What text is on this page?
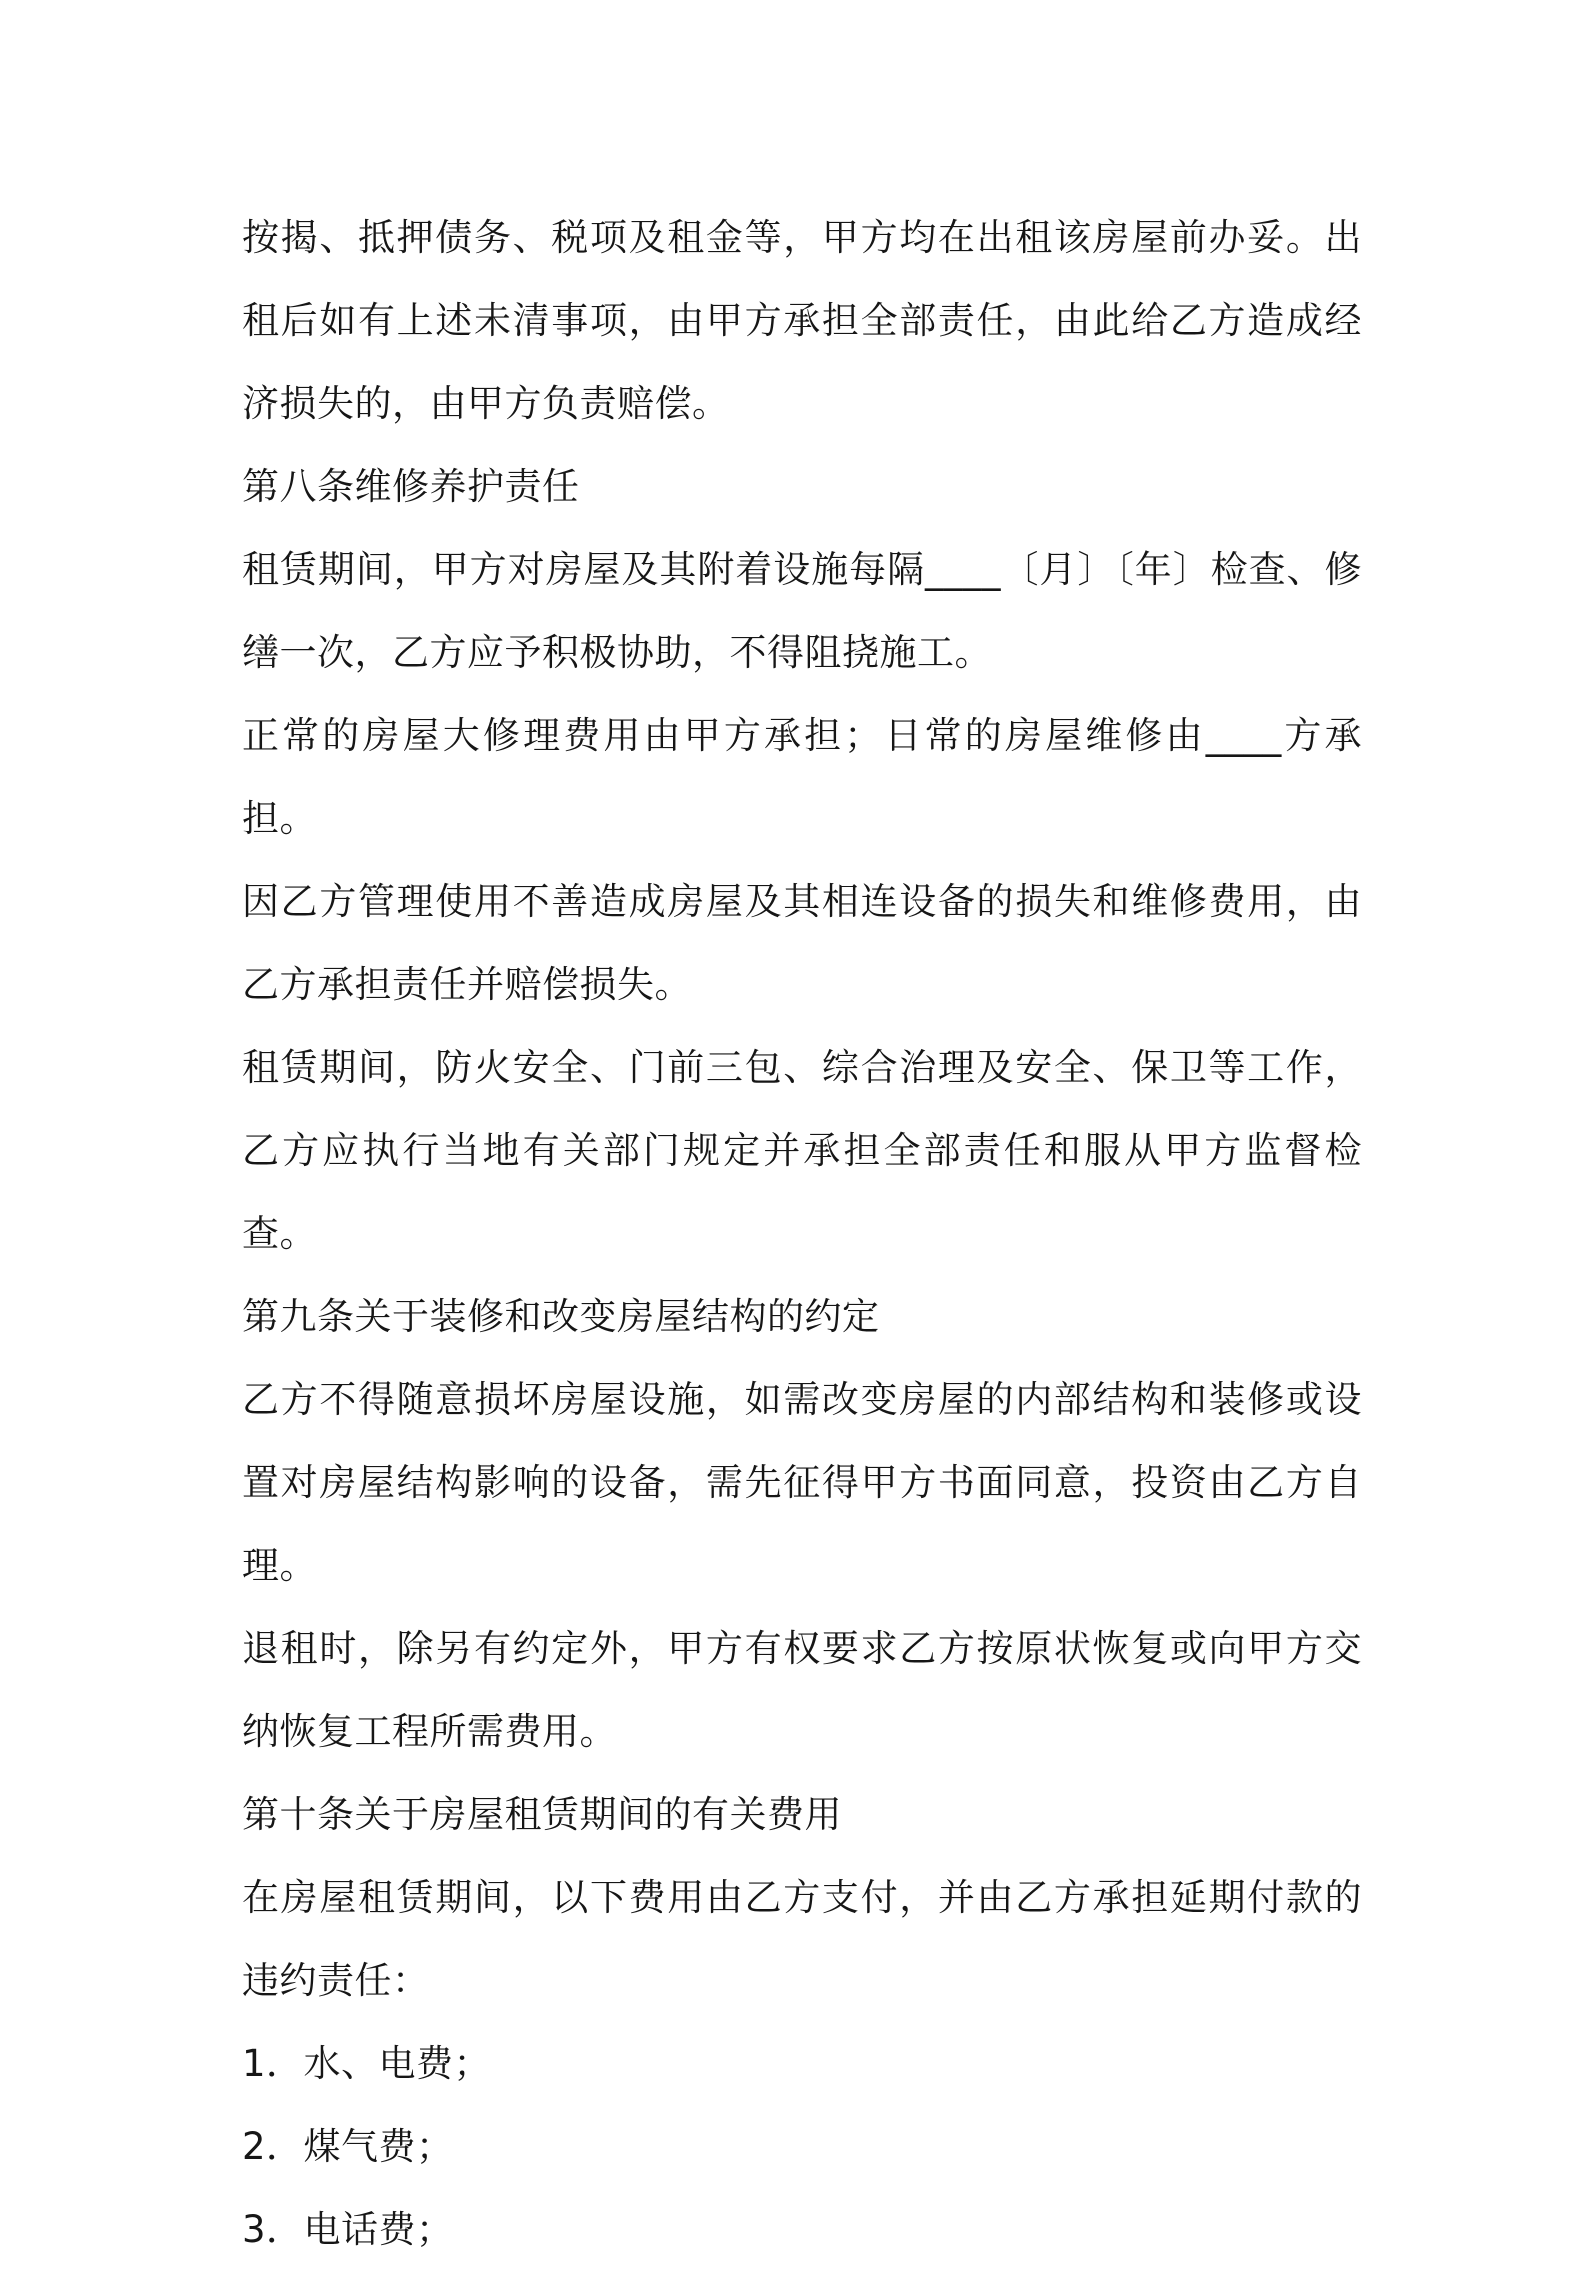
按揭、抵押债务、税项及租金等，甲方均在出租该房屋前办妥。出租后如有上述未清事项，由甲方承担全部责任，由此给乙方造成经济损失的，由甲方负责赔偿。

第八条维修养护责任

租赁期间，甲方对房屋及其附着设施每隔____〔月〕〔年〕检查、修缮一次，乙方应予积极协助，不得阻挠施工。

正常的房屋大修理费用由甲方承担；日常的房屋维修由____方承担。

因乙方管理使用不善造成房屋及其相连设备的损失和维修费用，由乙方承担责任并赔偿损失。

租赁期间，防火安全、门前三包、综合治理及安全、保卫等工作，乙方应执行当地有关部门规定并承担全部责任和服从甲方监督检查。

第九条关于装修和改变房屋结构的约定

乙方不得随意损坏房屋设施，如需改变房屋的内部结构和装修或设置对房屋结构影响的设备，需先征得甲方书面同意，投资由乙方自理。

退租时，除另有约定外，甲方有权要求乙方按原状恢复或向甲方交纳恢复工程所需费用。

第十条关于房屋租赁期间的有关费用

在房屋租赁期间，以下费用由乙方支付，并由乙方承担延期付款的违约责任：

1．水、电费；

2．煤气费；

3．电话费；
